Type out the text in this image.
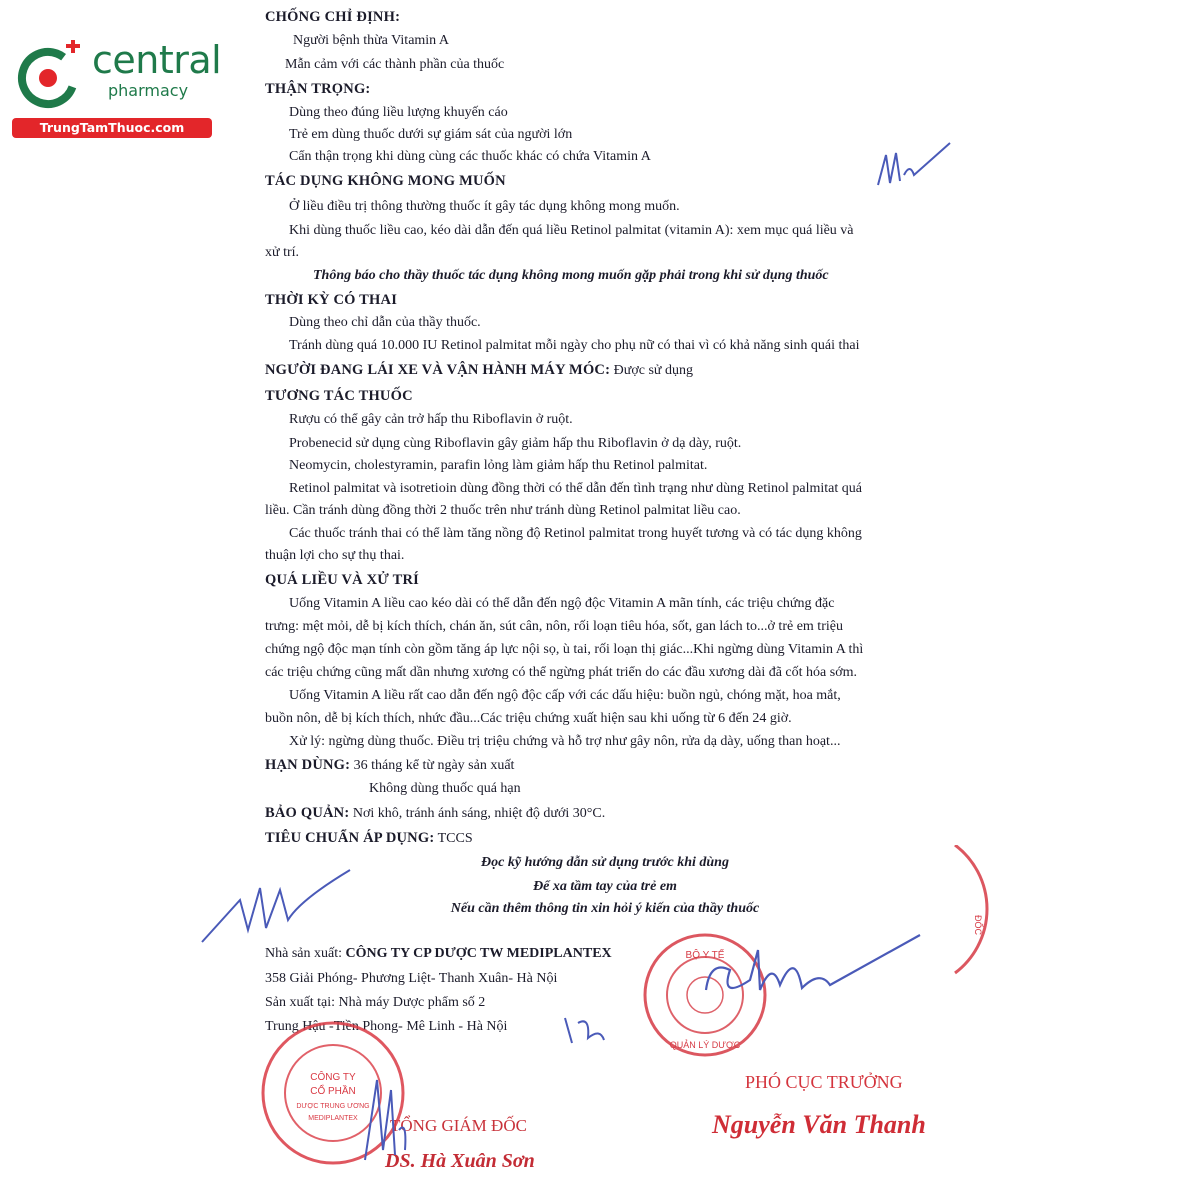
central
pharmacy
TrungTamThuoc.com
CHỐNG CHỈ ĐỊNH:
Người bệnh thừa Vitamin A
Mẫn cảm với các thành phần của thuốc
THẬN TRỌNG:
Dùng theo đúng liều lượng khuyến cáo
Trẻ em dùng thuốc dưới sự giám sát của người lớn
Cẩn thận trọng khi dùng cùng các thuốc khác có chứa Vitamin A
TÁC DỤNG KHÔNG MONG MUỐN
Ở liều điều trị thông thường thuốc ít gây tác dụng không mong muốn.
Khi dùng thuốc liều cao, kéo dài dẫn đến quá liều Retinol palmitat (vitamin A): xem mục quá liều và
xử trí.
Thông báo cho thầy thuốc tác dụng không mong muốn gặp phải trong khi sử dụng thuốc
THỜI KỲ CÓ THAI
Dùng theo chỉ dẫn của thầy thuốc.
Tránh dùng quá 10.000 IU Retinol palmitat mỗi ngày cho phụ nữ có thai vì có khả năng sinh quái thai
NGƯỜI ĐANG LÁI XE VÀ VẬN HÀNH MÁY MÓC: Được sử dụng
TƯƠNG TÁC THUỐC
Rượu có thể gây cản trở hấp thu Riboflavin ở ruột.
Probenecid sử dụng cùng Riboflavin gây giảm hấp thu Riboflavin ở dạ dày, ruột.
Neomycin, cholestyramin, parafin lỏng làm giảm hấp thu Retinol palmitat.
Retinol palmitat và isotretioin dùng đồng thời có thể dẫn đến tình trạng như dùng Retinol palmitat quá
liều. Cần tránh dùng đồng thời 2 thuốc trên như tránh dùng Retinol palmitat liều cao.
Các thuốc tránh thai có thể làm tăng nồng độ Retinol palmitat trong huyết tương và có tác dụng không
thuận lợi cho sự thụ thai.
QUÁ LIỀU VÀ XỬ TRÍ
Uống Vitamin A liều cao kéo dài có thể dẫn đến ngộ độc Vitamin A mãn tính, các triệu chứng đặc
trưng: mệt mỏi, dễ bị kích thích, chán ăn, sút cân, nôn, rối loạn tiêu hóa, sốt, gan lách to...ở trẻ em triệu
chứng ngộ độc mạn tính còn gồm tăng áp lực nội sọ, ù tai, rối loạn thị giác...Khi ngừng dùng Vitamin A thì
các triệu chứng cũng mất dần nhưng xương có thể ngừng phát triển do các đầu xương dài đã cốt hóa sớm.
Uống Vitamin A liều rất cao dẫn đến ngộ độc cấp với các dấu hiệu: buồn ngủ, chóng mặt, hoa mắt,
buồn nôn, dễ bị kích thích, nhức đầu...Các triệu chứng xuất hiện sau khi uống từ 6 đến 24 giờ.
Xử lý: ngừng dùng thuốc. Điều trị triệu chứng và hỗ trợ như gây nôn, rửa dạ dày, uống than hoạt...
HẠN DÙNG: 36 tháng kể từ ngày sản xuất
Không dùng thuốc quá hạn
BẢO QUẢN: Nơi khô, tránh ánh sáng, nhiệt độ dưới 30°C.
TIÊU CHUẨN ÁP DỤNG: TCCS
Đọc kỹ hướng dẫn sử dụng trước khi dùng
Để xa tầm tay của trẻ em
Nếu cần thêm thông tin xin hỏi ý kiến của thầy thuốc
Nhà sản xuất: CÔNG TY CP DƯỢC TW MEDIPLANTEX
358 Giải Phóng- Phương Liệt- Thanh Xuân- Hà Nội
Sản xuất tại: Nhà máy Dược phẩm số 2
Trung Hậu -Tiền Phong- Mê Linh - Hà Nội
TỔNG GIÁM ĐỐC
DS. Hà Xuân Sơn
PHÓ CỤC TRƯỞNG
Nguyễn Văn Thanh
CÔNG TY
CỔ PHẦN
DƯỢC TRUNG ƯƠNG
MEDIPLANTEX
ĐỐC
BỘ Y TẾ
QUẢN LÝ DƯỢC
